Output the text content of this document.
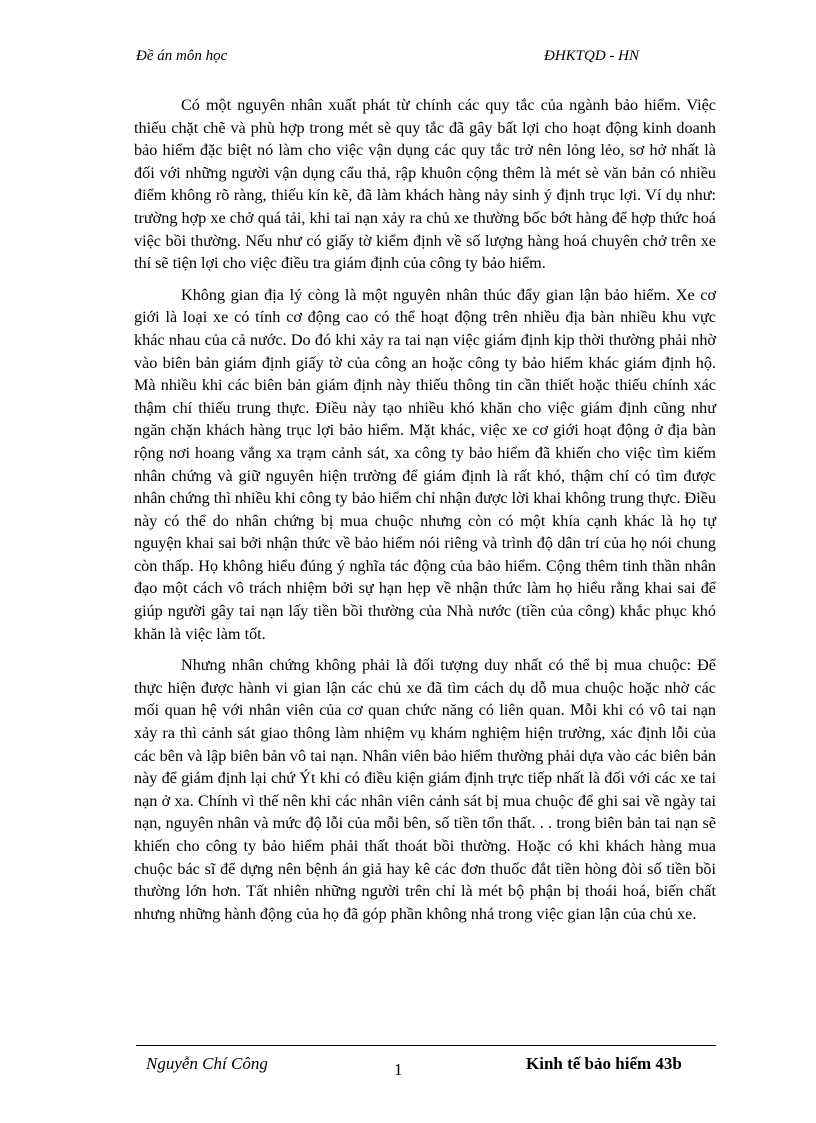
Đề án môn học	ĐHKTQD - HN

Có một nguyên nhân xuất phát từ chính các quy tắc của ngành bảo hiểm. Việc thiếu chặt chẽ và phù hợp trong mét sè quy tắc đã gây bất lợi cho hoạt động kinh doanh bảo hiểm đặc biệt nó làm cho việc vận dụng các quy tắc trở nên lỏng lẻo, sơ hở nhất là đối với những người vận dụng cẩu thả, rập khuôn cộng thêm là mét sè văn bản có nhiều điểm không rõ ràng, thiếu kín kẽ, đã làm khách hàng nảy sinh ý định trục lợi. Ví dụ như: trường hợp xe chở quá tải, khi tai nạn xảy ra chủ xe thường bốc bớt hàng để hợp thức hoá việc bồi thường. Nếu như có giấy tờ kiểm định về số lượng hàng hoá chuyên chở trên xe thí sẽ tiện lợi cho việc điều tra giám định của công ty bảo hiểm.

Không gian địa lý còng là một nguyên nhân thúc đẩy gian lận bảo hiểm. Xe cơ giới là loại xe có tính cơ động cao có thể hoạt động trên nhiều địa bàn nhiều khu vực khác nhau của cả nước. Do đó khi xảy ra tai nạn việc giám định kịp thời thường phải nhờ vào biên bản giám định giấy tờ của công an hoặc công ty bảo hiểm khác giám định hộ. Mà nhiều khi các biên bản giám định này thiếu thông tin cần thiết hoặc thiếu chính xác thậm chí thiếu trung thực. Điều này tạo nhiều khó khăn cho việc giám định cũng như ngăn chặn khách hàng trục lợi bảo hiểm. Mặt khác, việc xe cơ giới hoạt động ở địa bàn rộng nơi hoang vắng xa trạm cảnh sát, xa công ty bảo hiểm đã khiến cho việc tìm kiếm nhân chứng và giữ nguyên hiện trường để giám định là rất khó, thậm chí có tìm được nhân chứng thì nhiều khi công ty bảo hiểm chỉ nhận được lời khai không trung thực. Điều này có thể do nhân chứng bị mua chuộc nhưng còn có một khía cạnh khác là họ tự nguyện khai sai bởi nhận thức về bảo hiểm nói riêng và trình độ dân trí của họ nói chung còn thấp. Họ không hiểu đúng ý nghĩa tác động của bảo hiểm. Cộng thêm tinh thần nhân đạo một cách vô trách nhiệm bởi sự hạn hẹp về nhận thức làm họ hiểu rằng khai sai để giúp người gây tai nạn lấy tiền bồi thường của Nhà nước (tiền của công) khắc phục khó khăn là việc làm tốt.

Nhưng nhân chứng không phải là đối tượng duy nhất có thể bị mua chuộc: Để thực hiện được hành vi gian lận các chủ xe đã tìm cách dụ dỗ mua chuộc hoặc nhờ các mối quan hệ với nhân viên của cơ quan chức năng có liên quan. Mỗi khi có vô tai nạn xảy ra thì cảnh sát giao thông làm nhiệm vụ khám nghiệm hiện trường, xác định lỗi của các bên và lập biên bản vô tai nạn. Nhân viên bảo hiểm thường phải dựa vào các biên bản này để giám định lại chứ Ýt khi có điều kiện giám định trực tiếp nhất là đối với các xe tai nạn ở xa. Chính vì thế nên khi các nhân viên cảnh sát bị mua chuộc để ghi sai về ngày tai nạn, nguyên nhân và mức độ lỗi của mỗi bên, số tiền tổn thất. . . trong biên bản tai nạn sẽ khiến cho công ty bảo hiểm phải thất thoát bồi thường. Hoặc có khi khách hàng mua chuộc bác sĩ để dựng nên bệnh án giả hay kê các đơn thuốc đắt tiền hòng đòi số tiền bồi thường lớn hơn. Tất nhiên những người trên chỉ là mét bộ phận bị thoái hoá, biến chất nhưng những hành động của họ đã góp phần không nhá trong việc gian lận của chủ xe.

Nguyễn Chí Công	1	Kinh tế bảo hiểm 43b
